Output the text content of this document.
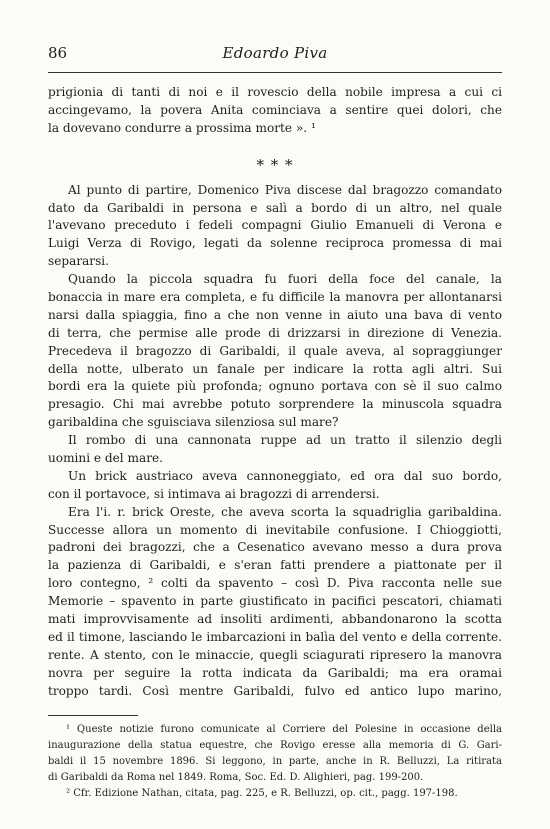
86	Edoardo Piva
prigionia di tanti di noi e il rovescio della nobile impresa a cui ci
accingevamo, la povera Anita cominciava a sentire quei dolori, che
la dovevano condurre a prossima morte ». ¹
* * *
Al punto di partire, Domenico Piva discese dal bragozzo comandato
dato da Garibaldi in persona e salì a bordo di un altro, nel quale
l'avevano preceduto i fedeli compagni Giulio Emanueli di Verona e
Luigi Verza di Rovigo, legati da solenne reciproca promessa di mai
separarsi.
Quando la piccola squadra fu fuori della foce del canale, la
bonaccia in mare era completa, e fu difficile la manovra per allontanarsi
narsi dalla spiaggia, fino a che non venne in aiuto una bava di vento
di terra, che permise alle prode di drizzarsi in direzione di Venezia.
Precedeva il bragozzo di Garibaldi, il quale aveva, al sopraggiunger
della notte, ulberato un fanale per indicare la rotta agli altri. Sui
bordi era la quiete più profonda; ognuno portava con sè il suo calmo
presagio. Chi mai avrebbe potuto sorprendere la minuscola squadra
garibaldina che sguisciava silenziosa sul mare?
Il rombo di una cannonata ruppe ad un tratto il silenzio degli
uomini e del mare.
Un brick austriaco aveva cannoneggiato, ed ora dal suo bordo,
con il portavoce, si intimava ai bragozzi di arrendersi.
Era l'i. r. brick Oreste, che aveva scorta la squadriglia garibaldina.
Successe allora un momento di inevitabile confusione. I Chioggiotti,
padroni dei bragozzi, che a Cesenatico avevano messo a dura prova
la pazienza di Garibaldi, e s'eran fatti prendere a piattonate per il
loro contegno, ² colti da spavento – così D. Piva racconta nelle sue
Memorie – spavento in parte giustificato in pacifici pescatori, chiamati
mati improvvisamente ad insoliti ardimenti, abbandonarono la scotta
ed il timone, lasciando le imbarcazioni in balìa del vento e della corrente.
rente. A stento, con le minaccie, quegli sciagurati ripresero la manovra
novra per seguire la rotta indicata da Garibaldi; ma era oramai
troppo tardi. Così mentre Garibaldi, fulvo ed antico lupo marino,
¹ Queste notizie furono comunicate al Corriere del Polesine in occasione della
inaugurazione della statua equestre, che Rovigo eresse alla memoria di G. Gari-
baldi il 15 novembre 1896. Si leggono, in parte, anche in R. Belluzzi, La ritirata
di Garibaldi da Roma nel 1849. Roma, Soc. Ed. D. Alighieri, pag. 199-200.
² Cfr. Edizione Nathan, citata, pag. 225, e R. Belluzzi, op. cit., pagg. 197-198.
